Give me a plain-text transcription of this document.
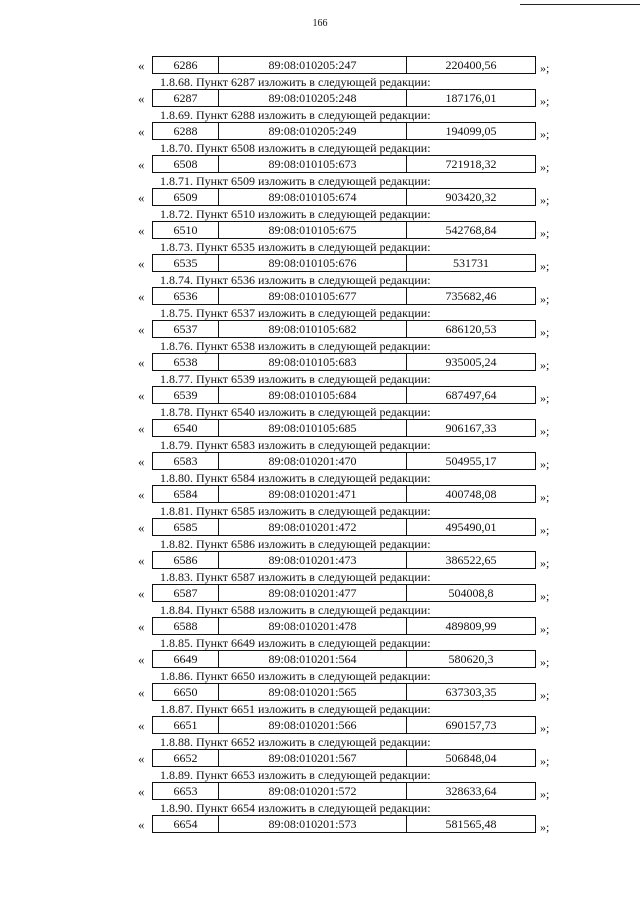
166
«	6286	89:08:010205:247	220400,56	»;
1.8.68. Пункт 6287 изложить в следующей редакции:
«	6287	89:08:010205:248	187176,01	»;
1.8.69. Пункт 6288 изложить в следующей редакции:
«	6288	89:08:010205:249	194099,05	»;
1.8.70. Пункт 6508 изложить в следующей редакции:
«	6508	89:08:010105:673	721918,32	»;
1.8.71. Пункт 6509 изложить в следующей редакции:
«	6509	89:08:010105:674	903420,32	»;
1.8.72. Пункт 6510 изложить в следующей редакции:
«	6510	89:08:010105:675	542768,84	»;
1.8.73. Пункт 6535 изложить в следующей редакции:
«	6535	89:08:010105:676	531731	»;
1.8.74. Пункт 6536 изложить в следующей редакции:
«	6536	89:08:010105:677	735682,46	»;
1.8.75. Пункт 6537 изложить в следующей редакции:
«	6537	89:08:010105:682	686120,53	»;
1.8.76. Пункт 6538 изложить в следующей редакции:
«	6538	89:08:010105:683	935005,24	»;
1.8.77. Пункт 6539 изложить в следующей редакции:
«	6539	89:08:010105:684	687497,64	»;
1.8.78. Пункт 6540 изложить в следующей редакции:
«	6540	89:08:010105:685	906167,33	»;
1.8.79. Пункт 6583 изложить в следующей редакции:
«	6583	89:08:010201:470	504955,17	»;
1.8.80. Пункт 6584 изложить в следующей редакции:
«	6584	89:08:010201:471	400748,08	»;
1.8.81. Пункт 6585 изложить в следующей редакции:
«	6585	89:08:010201:472	495490,01	»;
1.8.82. Пункт 6586 изложить в следующей редакции:
«	6586	89:08:010201:473	386522,65	»;
1.8.83. Пункт 6587 изложить в следующей редакции:
«	6587	89:08:010201:477	504008,8	»;
1.8.84. Пункт 6588 изложить в следующей редакции:
«	6588	89:08:010201:478	489809,99	»;
1.8.85. Пункт 6649 изложить в следующей редакции:
«	6649	89:08:010201:564	580620,3	»;
1.8.86. Пункт 6650 изложить в следующей редакции:
«	6650	89:08:010201:565	637303,35	»;
1.8.87. Пункт 6651 изложить в следующей редакции:
«	6651	89:08:010201:566	690157,73	»;
1.8.88. Пункт 6652 изложить в следующей редакции:
«	6652	89:08:010201:567	506848,04	»;
1.8.89. Пункт 6653 изложить в следующей редакции:
«	6653	89:08:010201:572	328633,64	»;
1.8.90. Пункт 6654 изложить в следующей редакции:
«	6654	89:08:010201:573	581565,48	»;
